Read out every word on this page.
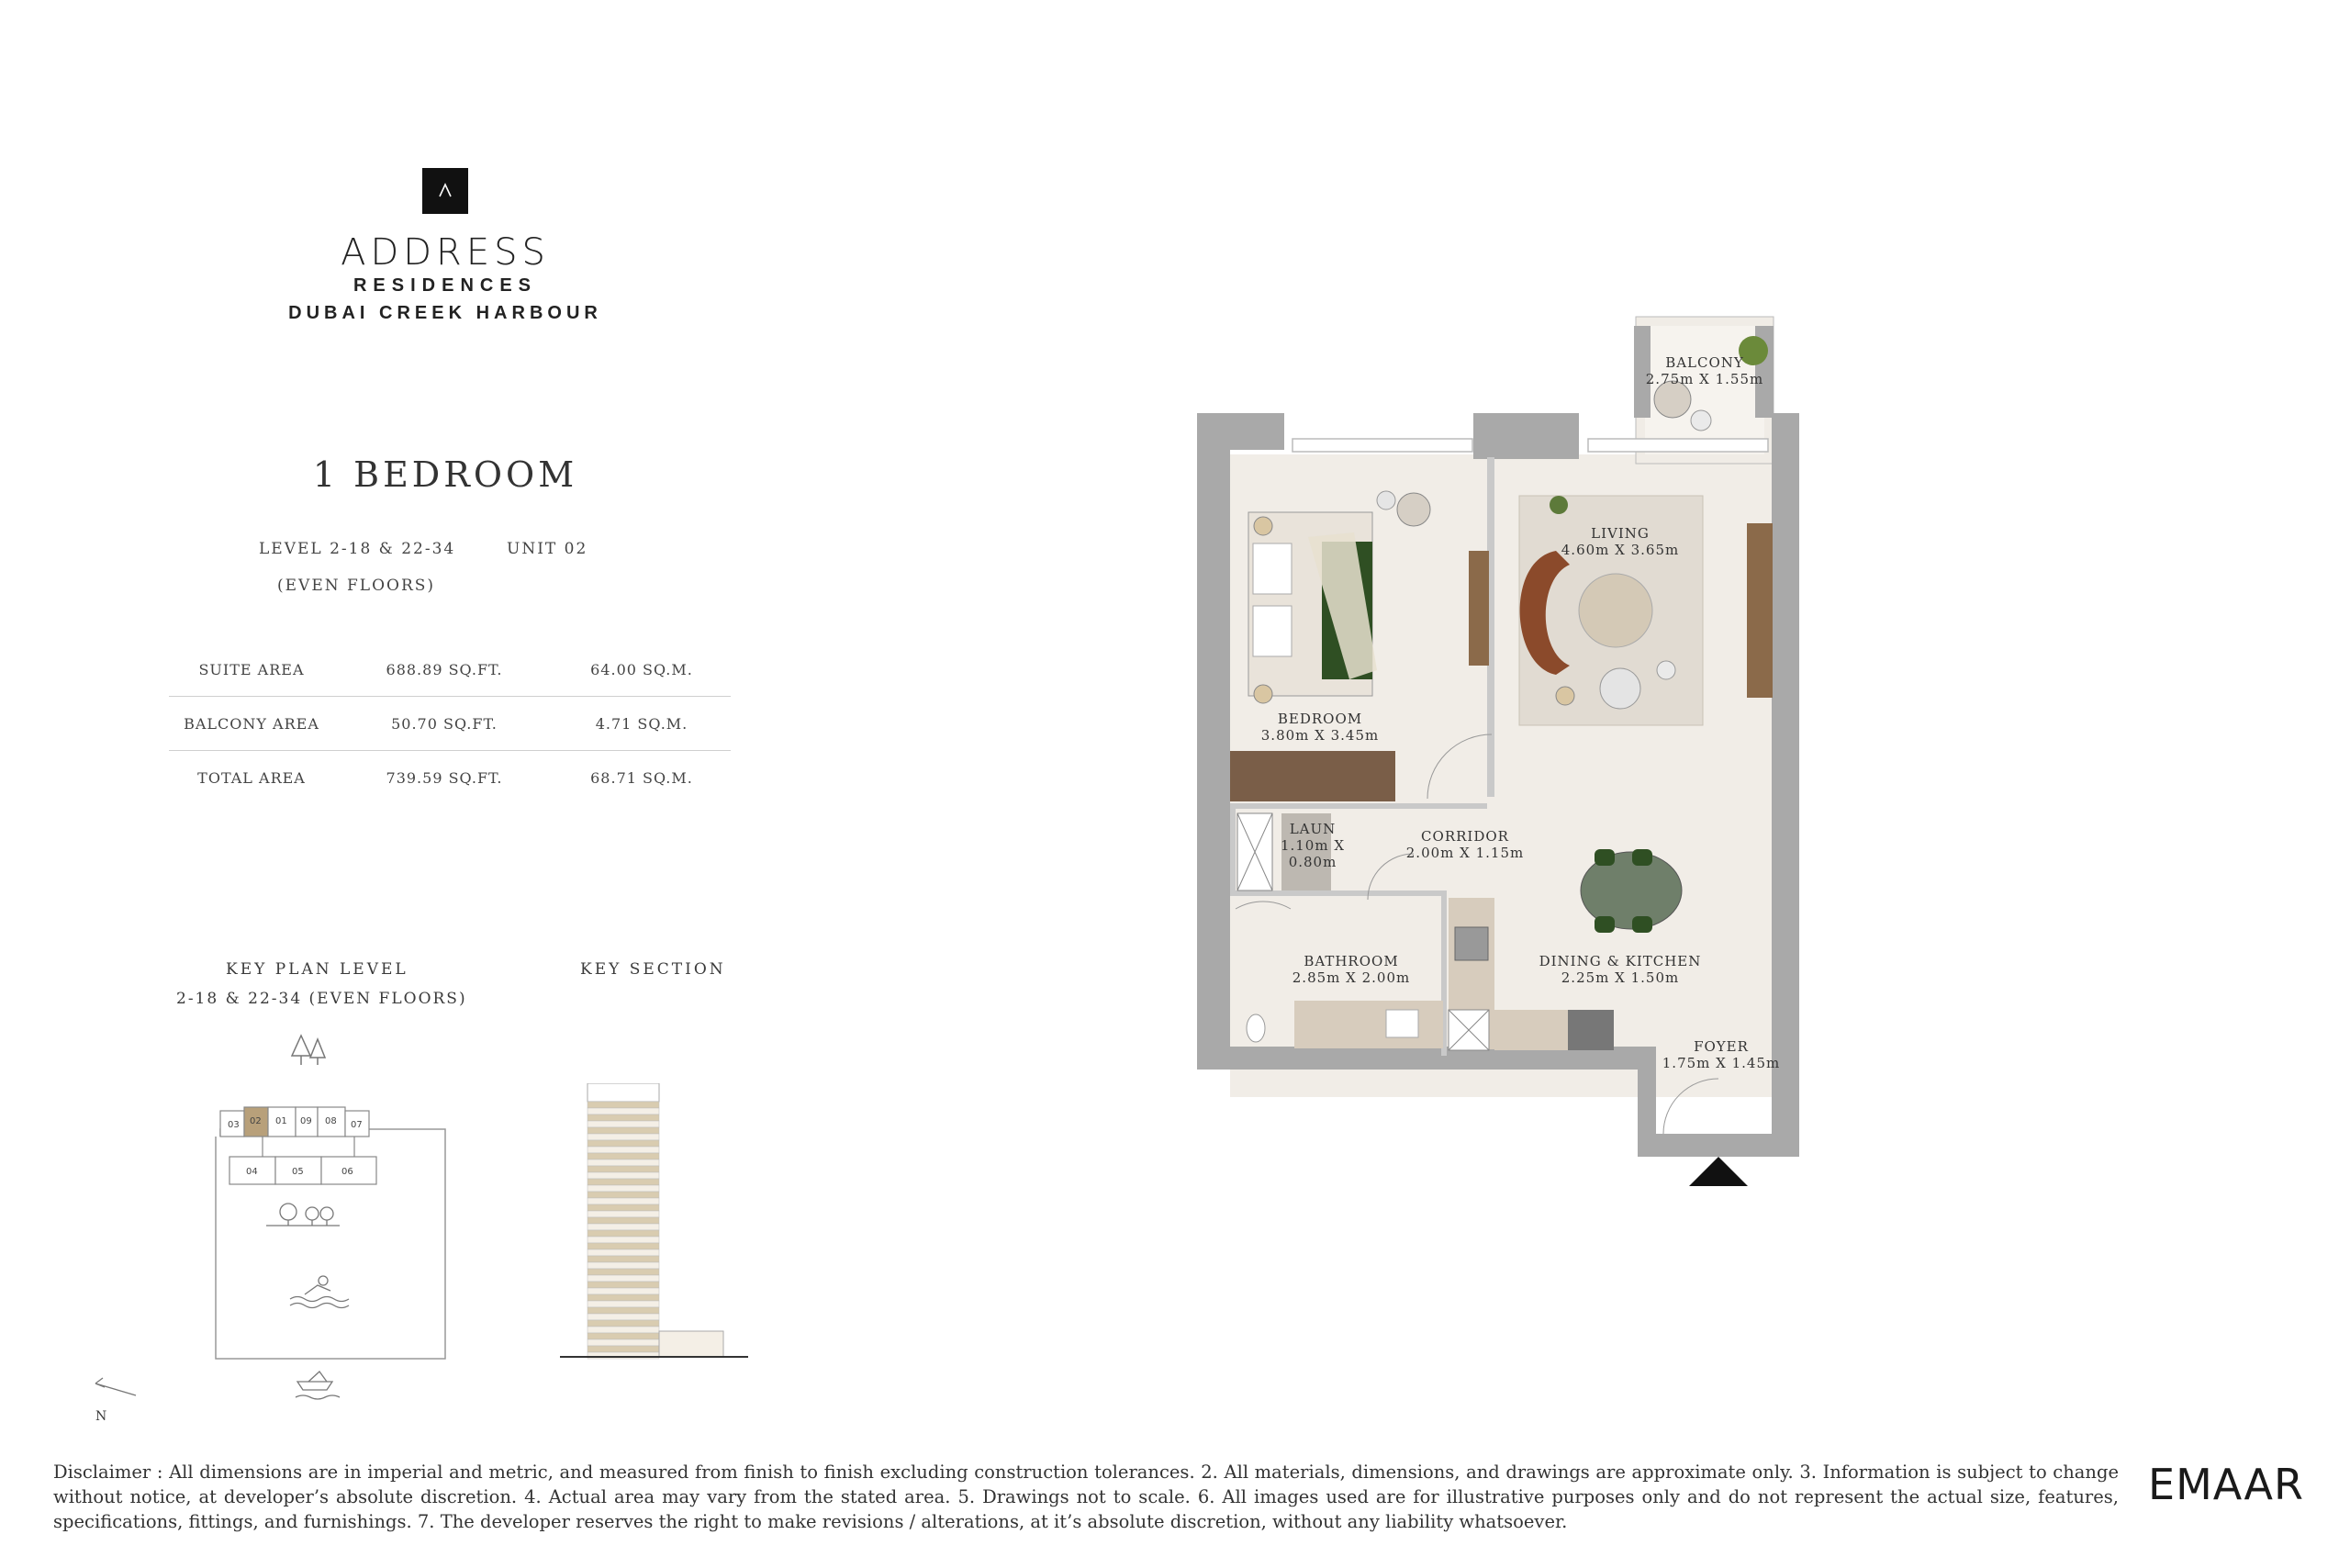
ADDRESS
RESIDENCES
DUBAI CREEK HARBOUR
1 BEDROOM
LEVEL 2-18 & 22-34	UNIT 02
(EVEN FLOORS)
SUITE AREA	688.89 SQ.FT.	64.00 SQ.M.
BALCONY AREA	50.70 SQ.FT.	4.71 SQ.M.
TOTAL AREA	739.59 SQ.FT.	68.71 SQ.M.
KEY PLAN LEVEL
2-18 & 22-34 (EVEN FLOORS)
KEY SECTION
03 02 01 09 08 07
04	05	06
N
BALCONY
2.75m X 1.55m
LIVING
4.60m X 3.65m
BEDROOM
3.80m X 3.45m
LAUN
1.10m X
0.80m
CORRIDOR
2.00m X 1.15m
BATHROOM
2.85m X 2.00m
DINING & KITCHEN
2.25m X 1.50m
FOYER
1.75m X 1.45m
Disclaimer : All dimensions are in imperial and metric, and measured from finish to finish excluding construction tolerances. 2. All materials, dimensions, and drawings are approximate only. 3. Information is subject to change without notice, at developer’s absolute discretion. 4. Actual area may vary from the stated area. 5. Drawings not to scale. 6. All images used are for illustrative purposes only and do not represent the actual size, features, specifications, fittings, and furnishings. 7. The developer reserves the right to make revisions / alterations, at it’s absolute discretion, without any liability whatsoever.
EMAAR
